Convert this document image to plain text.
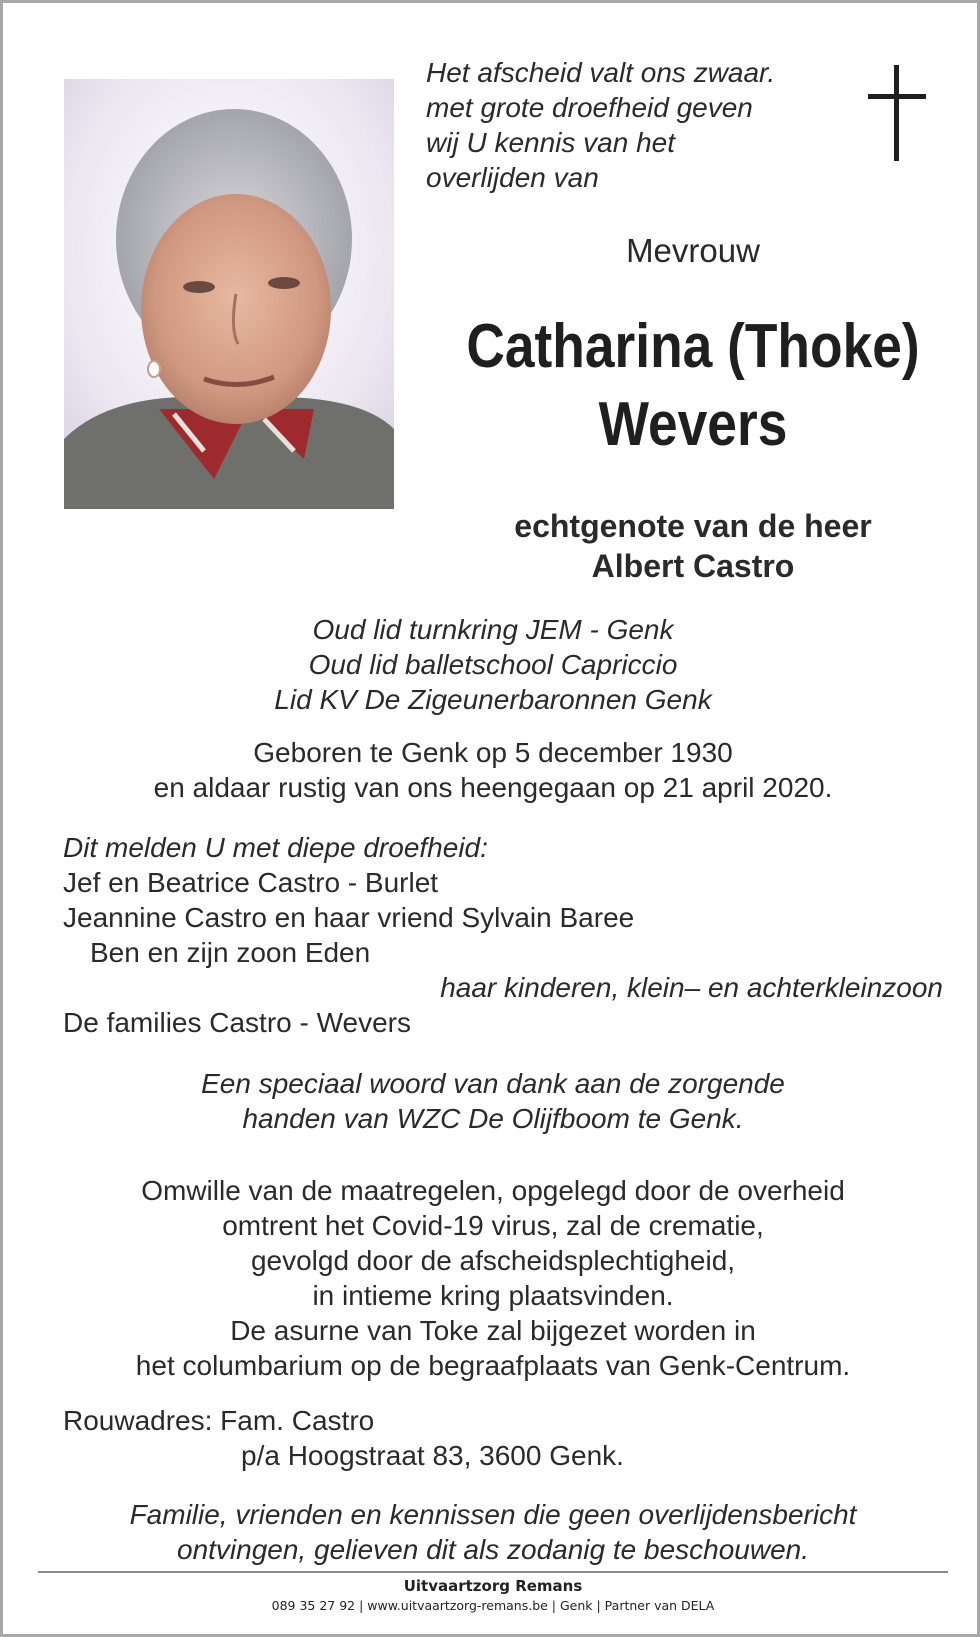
Het afscheid valt ons zwaar.
met grote droefheid geven
wij U kennis van het
overlijden van
Mevrouw
Catharina (Thoke)
Wevers
echtgenote van de heer
Albert Castro
Oud lid turnkring JEM - Genk
Oud lid balletschool Capriccio
Lid KV De Zigeunerbaronnen Genk
Geboren te Genk op 5 december 1930
en aldaar rustig van ons heengegaan op 21 april 2020.
Dit melden U met diepe droefheid:
Jef en Beatrice Castro - Burlet
Jeannine Castro en haar vriend Sylvain Baree
Ben en zijn zoon Eden
haar kinderen, klein– en achterkleinzoon
De families Castro - Wevers
Een speciaal woord van dank aan de zorgende
handen van WZC De Olijfboom te Genk.
Omwille van de maatregelen, opgelegd door de overheid
omtrent het Covid-19 virus, zal de crematie,
gevolgd door de afscheidsplechtigheid,
in intieme kring plaatsvinden.
De asurne van Toke zal bijgezet worden in
het columbarium op de begraafplaats van Genk-Centrum.
Rouwadres: Fam. Castro
p/a Hoogstraat 83, 3600 Genk.
Familie, vrienden en kennissen die geen overlijdensbericht
ontvingen, gelieven dit als zodanig te beschouwen.
Uitvaartzorg Remans
089 35 27 92 | www.uitvaartzorg-remans.be | Genk | Partner van DELA
